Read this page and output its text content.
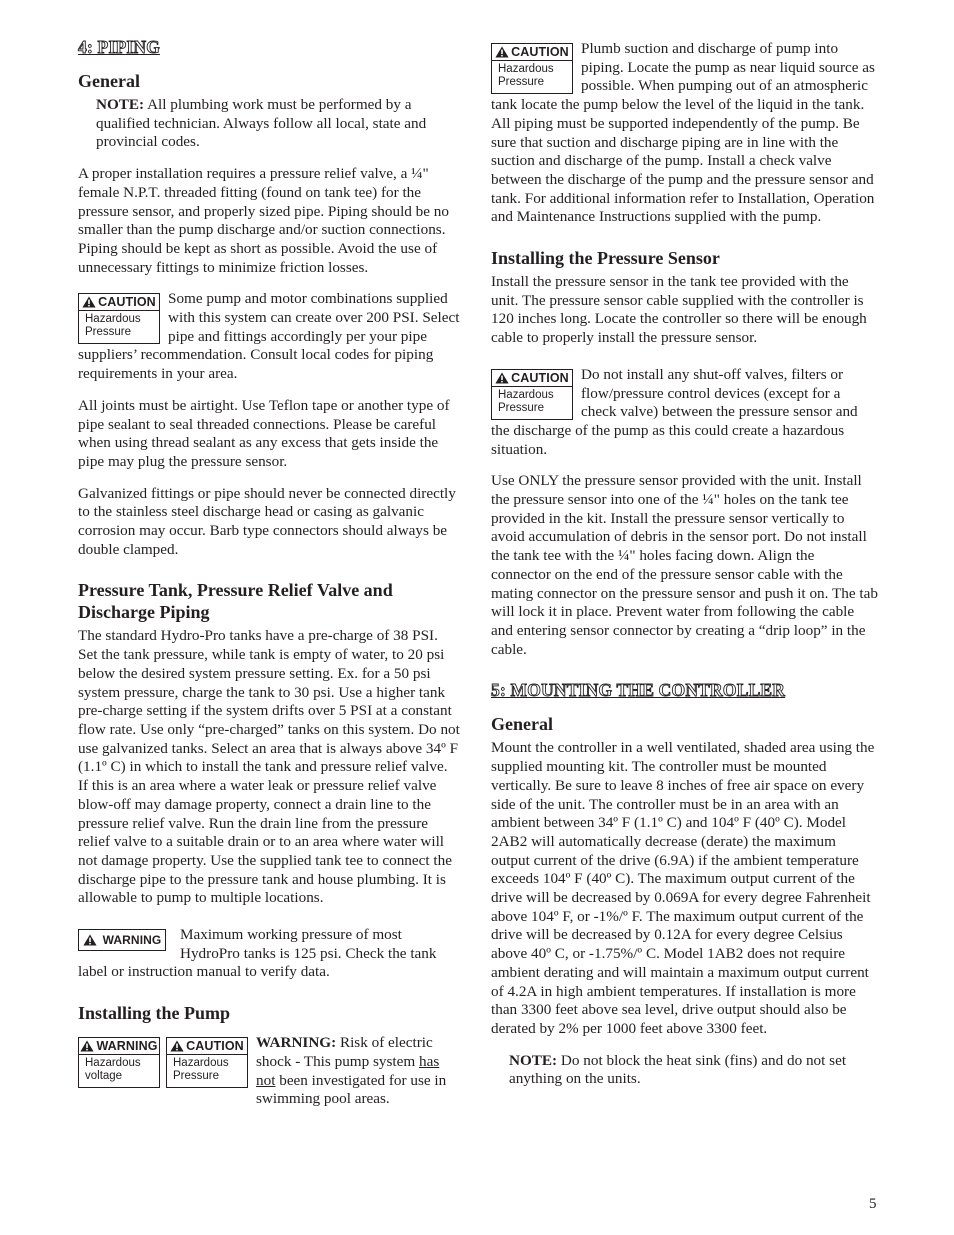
4: PIPING
General

NOTE: All plumbing work must be performed by a qualified technician. Always follow all local, state and provincial codes.

A proper installation requires a pressure relief valve, a ¼" female N.P.T. threaded fitting (found on tank tee) for the pressure sensor, and properly sized pipe. Piping should be no smaller than the pump discharge and/or suction connections. Piping should be kept as short as possible. Avoid the use of unnecessary fittings to minimize friction losses.

CAUTION
Hazardous Pressure
Some pump and motor combinations supplied with this system can create over 200 PSI. Select pipe and fittings accordingly per your pipe suppliers’ recommendation. Consult local codes for piping requirements in your area.

All joints must be airtight. Use Teflon tape or another type of pipe sealant to seal threaded connections. Please be careful when using thread sealant as any excess that gets inside the pipe may plug the pressure sensor.

Galvanized fittings or pipe should never be connected directly to the stainless steel discharge head or casing as galvanic corrosion may occur. Barb type connectors should always be double clamped.

Pressure Tank, Pressure Relief Valve and Discharge Piping

The standard Hydro-Pro tanks have a pre-charge of 38 PSI. Set the tank pressure, while tank is empty of water, to 20 psi below the desired system pressure setting. Ex. for a 50 psi system pressure, charge the tank to 30 psi. Use a higher tank pre-charge setting if the system drifts over 5 PSI at a constant flow rate. Use only “pre-charged” tanks on this system. Do not use galvanized tanks. Select an area that is always above 34º F (1.1º C) in which to install the tank and pressure relief valve. If this is an area where a water leak or pressure relief valve blow-off may damage property, connect a drain line to the pressure relief valve. Run the drain line from the pressure relief valve to a suitable drain or to an area where water will not damage property. Use the supplied tank tee to connect the discharge pipe to the pressure tank and house plumbing. It is allowable to pump to multiple locations.

WARNING Maximum working pressure of most HydroPro tanks is 125 psi. Check the tank label or instruction manual to verify data.
Installing the Pump
WARNING
Hazardous voltage
CAUTION
Hazardous Pressure
WARNING: Risk of electric shock - This pump system has not been investigated for use in swimming pool areas.
CAUTION
Hazardous Pressure
Plumb suction and discharge of pump into piping. Locate the pump as near liquid source as possible. When pumping out of an atmospheric tank locate the pump below the level of the liquid in the tank. All piping must be supported independently of the pump. Be sure that suction and discharge piping are in line with the suction and discharge of the pump. Install a check valve between the discharge of the pump and the pressure sensor and tank. For additional information refer to Installation, Operation and Maintenance Instructions supplied with the pump.
Installing the Pressure Sensor

Install the pressure sensor in the tank tee provided with the unit. The pressure sensor cable supplied with the controller is 120 inches long. Locate the controller so there will be enough cable to properly install the pressure sensor.

CAUTION
Hazardous Pressure
Do not install any shut-off valves, filters or flow/pressure control devices (except for a check valve) between the pressure sensor and the discharge of the pump as this could create a hazardous situation.

Use ONLY the pressure sensor provided with the unit. Install the pressure sensor into one of the ¼" holes on the tank tee provided in the kit. Install the pressure sensor vertically to avoid accumulation of debris in the sensor port. Do not install the tank tee with the ¼" holes facing down. Align the connector on the end of the pressure sensor cable with the mating connector on the pressure sensor and push it on. The tab will lock it in place. Prevent water from following the cable and entering sensor connector by creating a “drip loop” in the cable.

5: MOUNTING THE CONTROLLER
General

Mount the controller in a well ventilated, shaded area using the supplied mounting kit. The controller must be mounted vertically. Be sure to leave 8 inches of free air space on every side of the unit. The controller must be in an area with an ambient between 34º F (1.1º C) and 104º F (40º C). Model 2AB2 will automatically decrease (derate) the maximum output current of the drive (6.9A) if the ambient temperature exceeds 104º F (40º C). The maximum output current of the drive will be decreased by 0.069A for every degree Fahrenheit above 104º F, or -1%/º F. The maximum output current of the drive will be decreased by 0.12A for every degree Celsius above 40º C, or -1.75%/º C. Model 1AB2 does not require ambient derating and will maintain a maximum output current of 4.2A in high ambient temperatures. If installation is more than 3300 feet above sea level, drive output should also be derated by 2% per 1000 feet above 3300 feet.

NOTE: Do not block the heat sink (fins) and do not set anything on the units.

5
